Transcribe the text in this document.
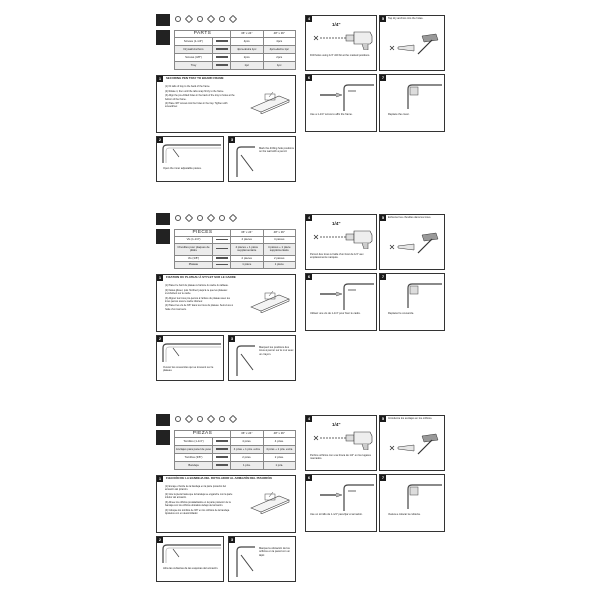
PARTS		36" x 24"	48" x 36"
Screws (1-1/4")		4pcs	4pcs
Drywall Anchors		4pcs+Extra 1pc	4pcs+Extra 1pc
Screws (3/8")		2pcs	2pcs
Tray		1pc	1pc
1	SECURING PEN TRAY TO BOARD FRAME
(1) Fit tabs of tray to the back of the frame.
(2) Rotate it, then until the tabs snap firmly to the frame.
(3) Align the pre-drilled holes in the back of the tray to holes at the bottom of the frame.
(4) Place 3/8" screws into the holes in the tray. Tighten with screwdriver.
2
Open the inner adjustable pieces.
3
Mark the drilling hole positions on the wall with a pencil.
4
1/4"
Drill holes using 1/4" drill bit at the marked positions.
5	Tap dry anchors into the holes.
6
Use a 1-1/4" screw to affix the frame.
7
Replace the cover.
PIECES		36" x 24"	48" x 36"
Vis (1-1/4")		4 pièces	4 pièces
Chevilles pour plaques de plâtre		4 pièces + 1 pièce supplémentaire	4 pièces + 1 pièce supplémentaire
Vis (3/8")		2 pièces	2 pièces
Plateau		1 pièce	1 pièce
1	FIXATION DU PLATEAU À STYLET SUR LE CADRE
(1) Placez le bord du plateau à l'arrière du cadre du tableau.
(2) Faites glisser, puis l'inclinez jusqu'à ce que les plateaux s'emboîtent sur le cadre.
(3) Alignez les trous pré-percés à l'arrière du plateau avec les trous percés sous le cadre inférieur.
(4) Placez les vis de 3/8" dans les trous du plateau. Serrez-les à l'aide d'un tournevis.
2
Ouvrez les couvercles qui se trouvent sur le plateau.
3
Marquez les positions des trous à percer sur le mur avec un crayon.
4
1/4"
Percez des trous à l'aide d'un foret de 1/4" aux emplacements marqués.
5	Enfoncez les chevilles dans les trous.
6
Utilisez une vis de 1-1/4" pour fixer le cadre.
7
Replacez le couvercle.
PIEZAS		36" x 24"	48" x 36"
Tornillos (1-1/4")		4 pzas.	4 pzas.
Anclajes para panel de yeso		4 pzas + 1 pza. extra	4 pzas + 1 pza. extra
Tornillos (3/8")		2 pzas.	2 pzas.
Bandeja		1 pza.	1 pza.
1	FIJACIÓN DE LA BANDEJA DEL ROTULADOR AL ARMAZÓN DEL PIZARRÓN
(1) Encaje el borde de la bandeja en la parte posterior del armazón del pizarrón.
(2) Gire la pieza hasta que la bandeja se enganche con la parte inferior del armazón.
(3) Alinee los orificios pretaladrados en la parte posterior de la bandeja con los orificios ubicados debajo del armazón.
(4) Coloque los tornillos de 3/8" en los orificios de la bandeja. Ajústelos con un destornillador.
2
Abra las cubiertas de las esquinas del armazón.
3
Marque la ubicación de los orificios en la pared con un lápiz.
4
1/4"
Perfore orificios con una broca de 1/4" en los lugares marcados.
5	Introduzca los anclajes en los orificios.
6
Use un tornillo de 1-1/4" para fijar el armazón.
7
Vuelva a colocar la cubierta.
